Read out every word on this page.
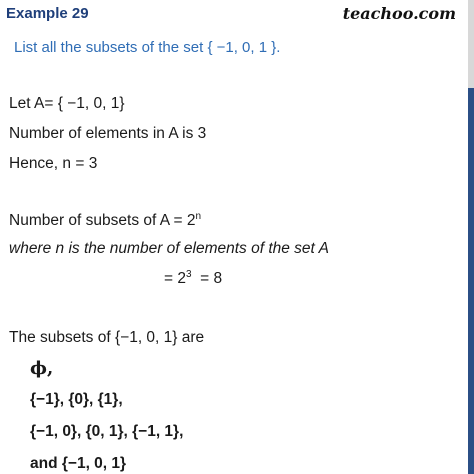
Example 29	teachoo.com
List all the subsets of the set { −1, 0, 1 }.
Let A= { −1, 0, 1}
Number of elements in A is 3
Hence, n = 3
Number of subsets of $A = 2^n$
where n is the number of elements of the set A
= $2^3 = 8$
The subsets of {−1, 0, 1} are
ϕ,
{−1}, {0}, {1},
{−1, 0}, {0, 1}, {−1, 1},
and {−1, 0, 1}
